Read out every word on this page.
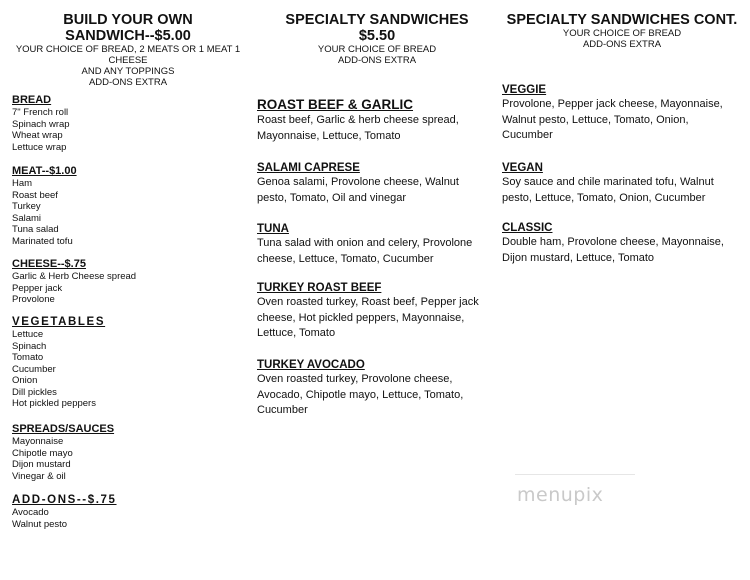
BUILD YOUR OWN
SANDWICH--$5.00
YOUR CHOICE OF BREAD, 2 MEATS OR 1 MEAT 1 CHEESE
AND ANY TOPPINGS
ADD-ONS EXTRA
BREAD
7" French roll
Spinach wrap
Wheat wrap
Lettuce wrap
MEAT--$1.00
Ham
Roast beef
Turkey
Salami
Tuna salad
Marinated tofu
CHEESE--$.75
Garlic & Herb Cheese spread
Pepper jack
Provolone
VEGETABLES
Lettuce
Spinach
Tomato
Cucumber
Onion
Dill pickles
Hot pickled peppers
SPREADS/SAUCES
Mayonnaise
Chipotle mayo
Dijon mustard
Vinegar & oil
ADD-ONS--$.75
Avocado
Walnut pesto
SPECIALTY SANDWICHES
$5.50
YOUR CHOICE OF BREAD
ADD-ONS EXTRA
ROAST BEEF & GARLIC
Roast beef, Garlic & herb cheese spread,
Mayonnaise, Lettuce, Tomato
SALAMI CAPRESE
Genoa salami, Provolone cheese, Walnut
pesto, Tomato, Oil and vinegar
TUNA
Tuna salad with onion and celery, Provolone
cheese, Lettuce, Tomato, Cucumber
TURKEY ROAST BEEF
Oven roasted turkey, Roast beef, Pepper jack
cheese, Hot pickled peppers, Mayonnaise,
Lettuce, Tomato
TURKEY AVOCADO
Oven roasted turkey, Provolone cheese,
Avocado, Chipotle mayo, Lettuce, Tomato,
Cucumber
SPECIALTY SANDWICHES CONT.
YOUR CHOICE OF BREAD
ADD-ONS EXTRA
VEGGIE
Provolone, Pepper jack cheese, Mayonnaise,
Walnut pesto, Lettuce, Tomato, Onion,
Cucumber
VEGAN
Soy sauce and chile marinated tofu, Walnut
pesto, Lettuce, Tomato, Onion, Cucumber
CLASSIC
Double ham, Provolone cheese, Mayonnaise,
Dijon mustard, Lettuce, Tomato
menupix
